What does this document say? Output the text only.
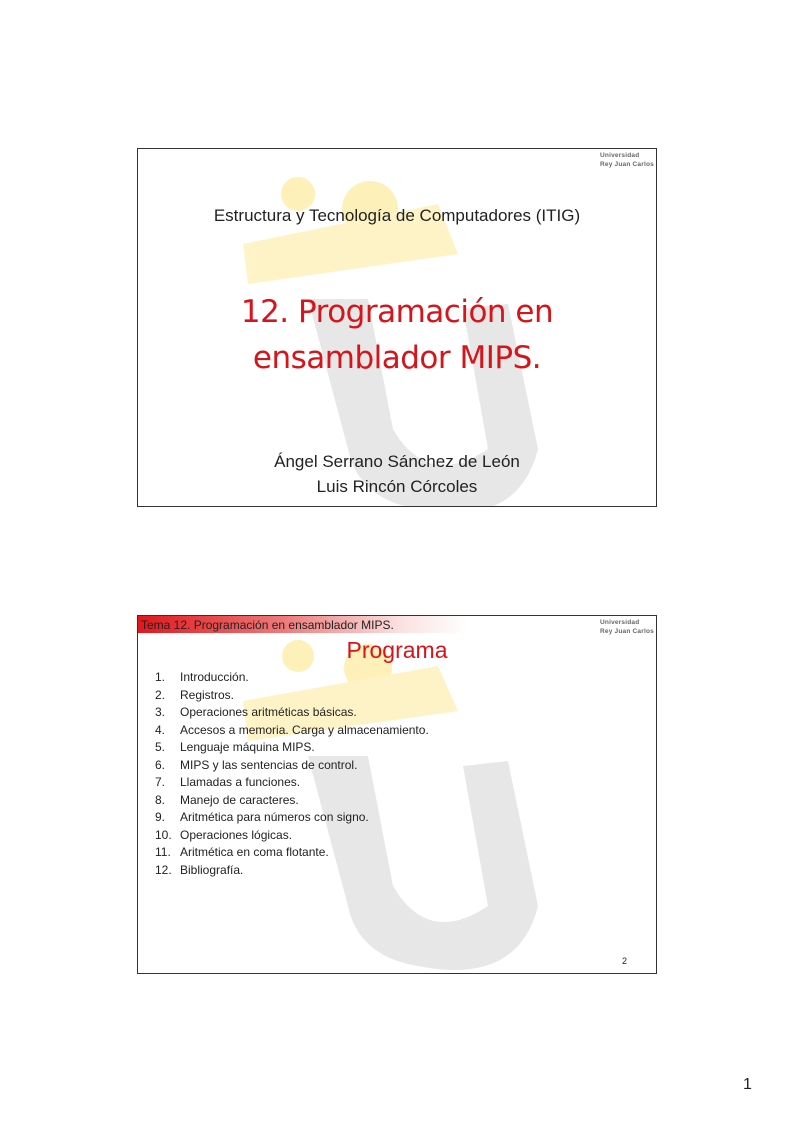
Universidad
Rey Juan Carlos
Estructura y Tecnología de Computadores (ITIG)
12. Programación en
ensamblador MIPS.
Ángel Serrano Sánchez de León
Luis Rincón Córcoles
Tema 12. Programación en ensamblador MIPS.	Universidad
Rey Juan Carlos
Programa
1.	Introducción.
2.	Registros.
3.	Operaciones aritméticas básicas.
4.	Accesos a memoria. Carga y almacenamiento.
5.	Lenguaje máquina MIPS.
6.	MIPS y las sentencias de control.
7.	Llamadas a funciones.
8.	Manejo de caracteres.
9.	Aritmética para números con signo.
10. Operaciones lógicas.
11. Aritmética en coma flotante.
12. Bibliografía.
2
1
